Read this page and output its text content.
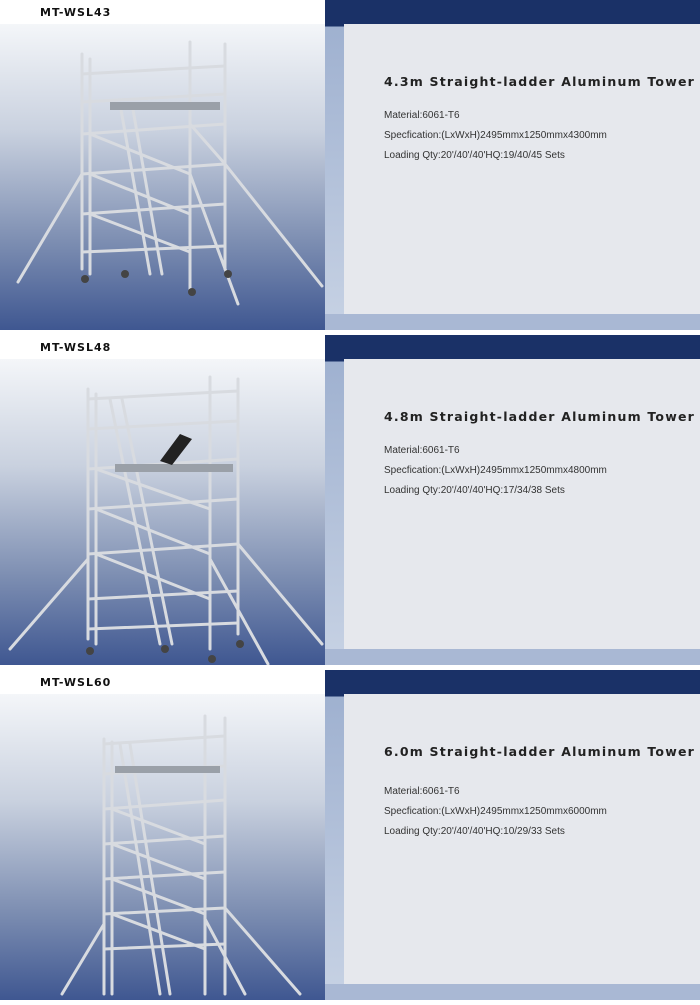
MT-WSL43
4.3m Straight-ladder Aluminum Tower
Material:6061-T6
Specfication:(LxWxH)2495mmx1250mmx4300mm
Loading Qty:20'/40'/40'HQ:19/40/45 Sets
MT-WSL48
4.8m Straight-ladder Aluminum Tower
Material:6061-T6
Specfication:(LxWxH)2495mmx1250mmx4800mm
Loading Qty:20'/40'/40'HQ:17/34/38 Sets
MT-WSL60
6.0m Straight-ladder Aluminum Tower
Material:6061-T6
Specfication:(LxWxH)2495mmx1250mmx6000mm
Loading Qty:20'/40'/40'HQ:10/29/33 Sets
